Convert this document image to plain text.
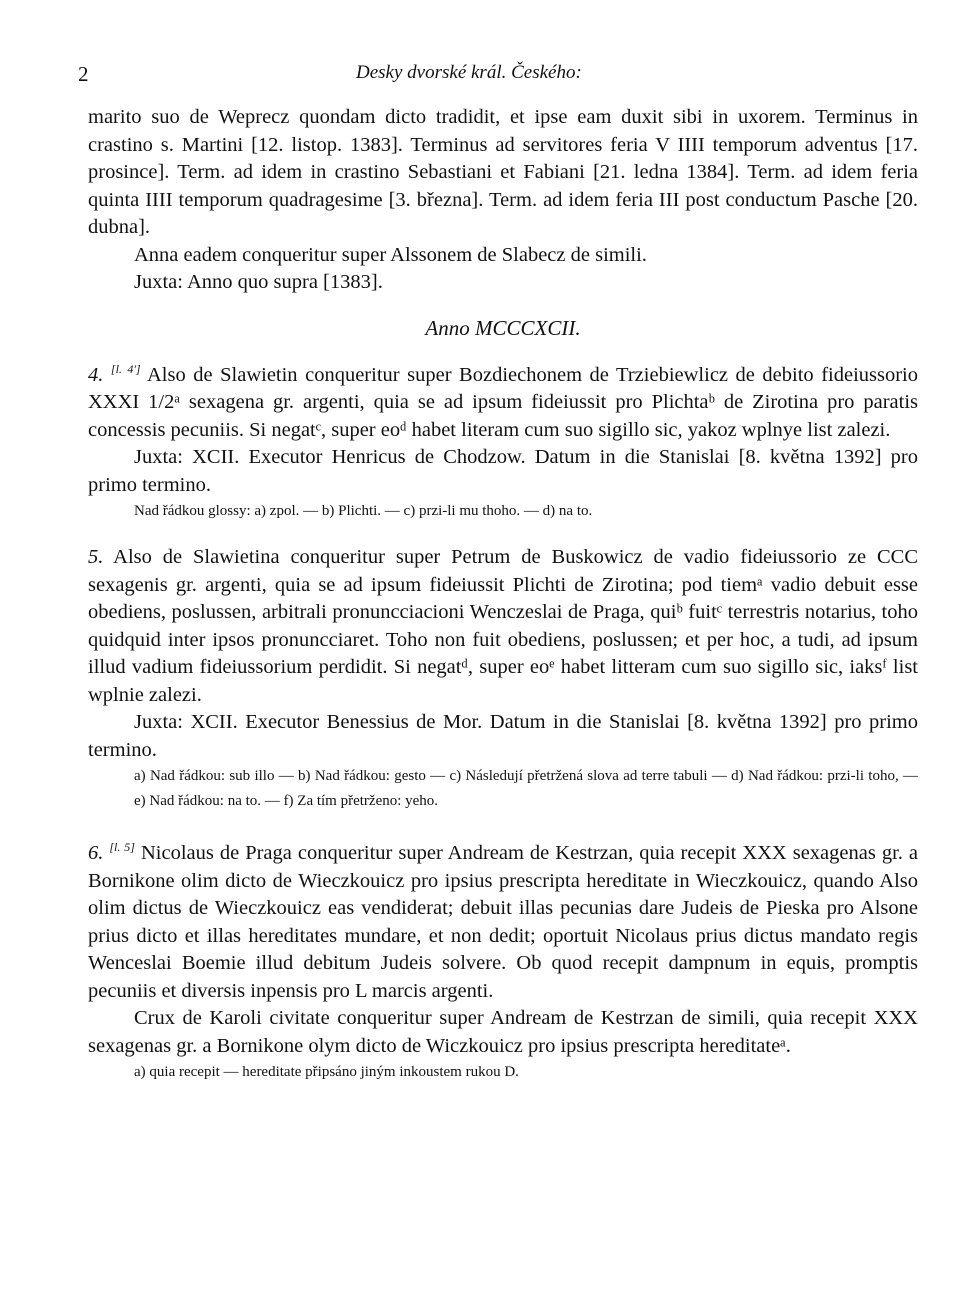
2	Desky dvorské král. Českého:

marito suo de Weprecz quondam dicto tradidit, et ipse eam duxit sibi in uxorem. Terminus in crastino s. Martini [12. listop. 1383]. Terminus ad servitores feria V IIII temporum adventus [17. prosince]. Term. ad idem in crastino Sebastiani et Fabiani [21. ledna 1384]. Term. ad idem feria quinta IIII temporum quadragesime [3. března]. Term. ad idem feria III post conductum Pasche [20. dubna].

Anna eadem conqueritur super Alssonem de Slabecz de simili.

Juxta: Anno quo supra [1383].

Anno MCCCXCII.

4. [l. 4'] Also de Slawietin conqueritur super Bozdiechonem de Trziebiewlicz de debito fideiussorio XXXI 1/2ᵃ sexagena gr. argenti, quia se ad ipsum fideiussit pro Plichtaᵇ de Zirotina pro paratis concessis pecuniis. Si negatᶜ, super eoᵈ habet literam cum suo sigillo sic, yakoz wplnye list zalezi.

Juxta: XCII. Executor Henricus de Chodzow. Datum in die Stanislai [8. května 1392] pro primo termino.

Nad řádkou glossy: a) zpol. — b) Plichti. — c) przi-li mu thoho. — d) na to.

5. Also de Slawietina conqueritur super Petrum de Buskowicz de vadio fideiussorio ze CCC sexagenis gr. argenti, quia se ad ipsum fideiussit Plichti de Zirotina; pod tiemᵃ vadio debuit esse obediens, poslussen, arbitrali pronuncciacioni Wenczeslai de Praga, quiᵇ fuitᶜ terrestris notarius, toho quidquid inter ipsos pronuncciaret. Toho non fuit obediens, poslussen; et per hoc, a tudi, ad ipsum illud vadium fideiussorium perdidit. Si negatᵈ, super eoᵉ habet litteram cum suo sigillo sic, iaksᶠ list wplnie zalezi.

Juxta: XCII. Executor Benessius de Mor. Datum in die Stanislai [8. května 1392] pro primo termino.

a) Nad řádkou: sub illo — b) Nad řádkou: gesto — c) Následují přetržená slova ad terre tabuli — d) Nad řádkou: przi-li toho, — e) Nad řádkou: na to. — f) Za tím přetrženo: yeho.

6. [l. 5] Nicolaus de Praga conqueritur super Andream de Kestrzan, quia recepit XXX sexagenas gr. a Bornikone olim dicto de Wieczkouicz pro ipsius prescripta hereditate in Wieczkouicz, quando Also olim dictus de Wieczkouicz eas vendiderat; debuit illas pecunias dare Judeis de Pieska pro Alsone prius dicto et illas hereditates mundare, et non dedit; oportuit Nicolaus prius dictus mandato regis Wenceslai Boemie illud debitum Judeis solvere. Ob quod recepit dampnum in equis, promptis pecuniis et diversis inpensis pro L marcis argenti.

Crux de Karoli civitate conqueritur super Andream de Kestrzan de simili, quia recepit XXX sexagenas gr. a Bornikone olym dicto de Wiczkouicz pro ipsius prescripta hereditateᵃ.

a) quia recepit — hereditate připsáno jiným inkoustem rukou D.
